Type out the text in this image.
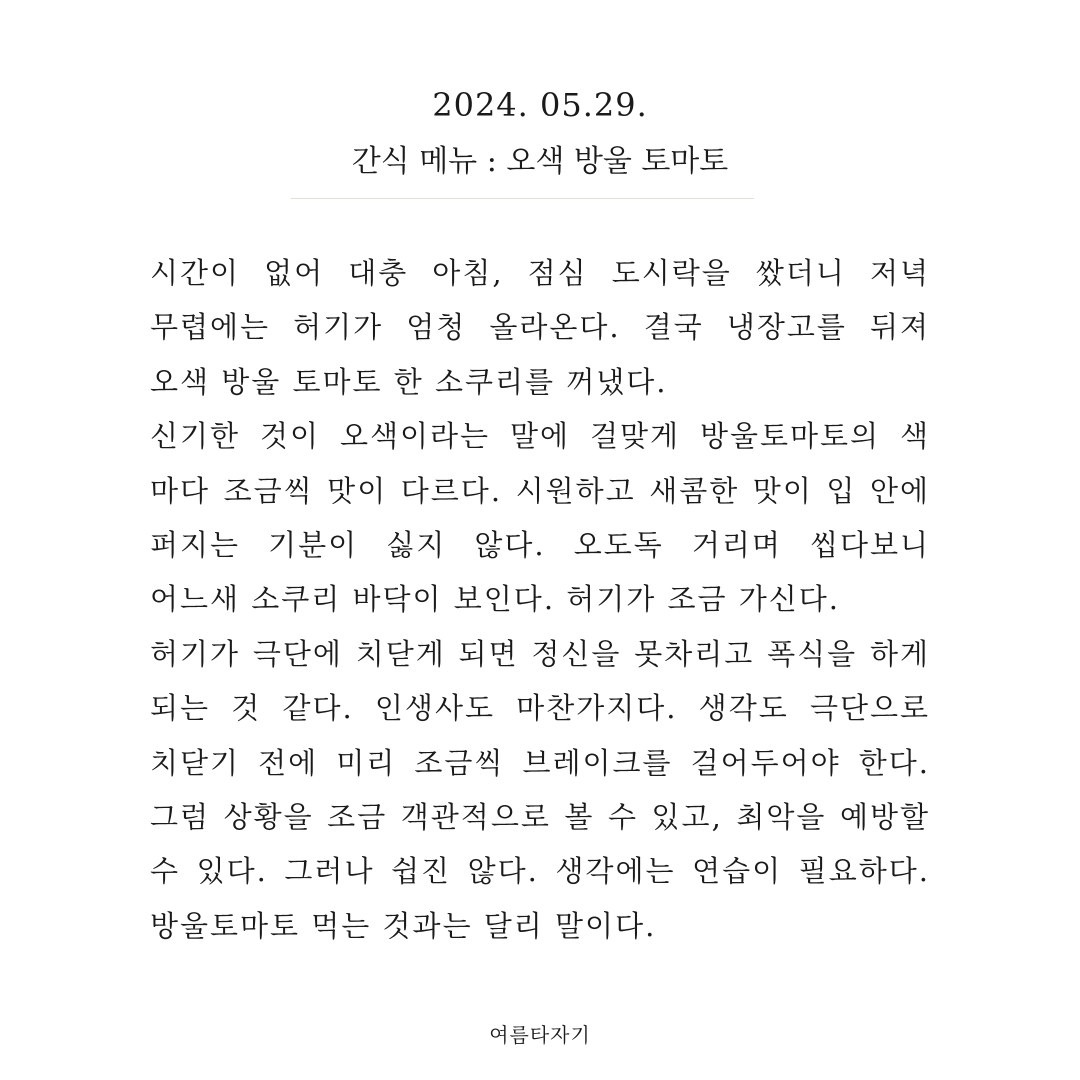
2024. 05.29.
간식 메뉴 : 오색 방울 토마토
시간이 없어 대충 아침, 점심 도시락을 쌌더니 저녁 무렵에는 허기가 엄청 올라온다. 결국 냉장고를 뒤져 오색 방울 토마토 한 소쿠리를 꺼냈다.
신기한 것이 오색이라는 말에 걸맞게 방울토마토의 색 마다 조금씩 맛이 다르다. 시원하고 새콤한 맛이 입 안에 퍼지는 기분이 싫지 않다. 오도독 거리며 씹다보니 어느새 소쿠리 바닥이 보인다. 허기가 조금 가신다.
허기가 극단에 치닫게 되면 정신을 못차리고 폭식을 하게 되는 것 같다. 인생사도 마찬가지다. 생각도 극단으로 치닫기 전에 미리 조금씩 브레이크를 걸어두어야 한다. 그럼 상황을 조금 객관적으로 볼 수 있고, 최악을 예방할 수 있다. 그러나 쉽진 않다. 생각에는 연습이 필요하다. 방울토마토 먹는 것과는 달리 말이다.
여름타자기
